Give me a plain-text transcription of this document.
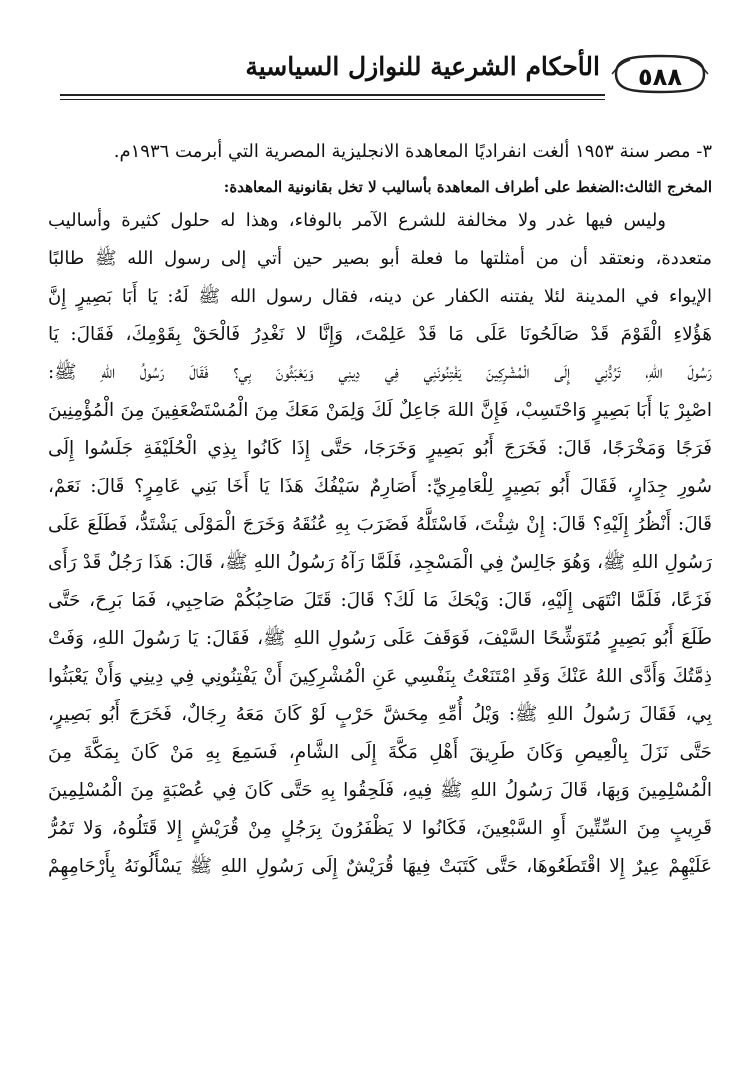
٥٨٨
الأحكام الشرعية للنوازل السياسية
٣- مصر سنة ١٩٥٣ ألغت انفراديًا المعاهدة الانجليزية المصرية التي أبرمت ١٩٣٦م.
المخرج الثالث:الضغط على أطراف المعاهدة بأساليب لا تخل بقانونية المعاهدة:
وليس فيها غدر ولا مخالفة للشرع الآمر بالوفاء، وهذا له حلول كثيرة وأساليب
متعددة، ونعتقد أن من أمثلتها ما فعلة أبو بصير حين أتي إلى رسول الله ﷺ طالبًا
الإيواء في المدينة لئلا يفتنه الكفار عن دينه، فقال رسول الله ﷺ لَهُ: يَا أَبَا بَصِيرٍ إِنَّ
هَؤُلاءِ الْقَوْمَ قَدْ صَالَحُونَا عَلَى مَا قَدْ عَلِمْتَ، وَإِنَّا لا نَغْدِرُ فَالْحَقْ بِقَوْمِكَ، فَقَالَ: يَا
رَسُولَ اللهِ، تَرُدُّنِي إِلَى الْمُشْرِكِينَ يَفْتِنُونَنِي فِي دِينِي وَيَعْبَثُونَ بِي؟ فَقَالَ رَسُولُ اللهِ ﷺ:
اصْبِرْ يَا أَبَا بَصِيرٍ وَاحْتَسِبْ، فَإِنَّ اللهَ جَاعِلٌ لَكَ وَلِمَنْ مَعَكَ مِنَ الْمُسْتَضْعَفِينَ مِنَ الْمُؤْمِنِينَ
فَرَجًا وَمَخْرَجًا، قَالَ: فَخَرَجَ أَبُو بَصِيرٍ وَخَرَجَا، حَتَّى إِذَا كَانُوا بِذِي الْحُلَيْفَةِ جَلَسُوا إِلَى
سُورِ جِدَارٍ، فَقَالَ أَبُو بَصِيرٍ لِلْعَامِرِيِّ: أَصَارِمٌ سَيْفُكَ هَذَا يَا أَخَا بَنِي عَامِرٍ؟ قَالَ: نَعَمْ،
قَالَ: أَنْظُرُ إِلَيْهِ؟ قَالَ: إِنْ شِئْتَ، فَاسْتَلَّهُ فَضَرَبَ بِهِ عُنُقَهُ وَخَرَجَ الْمَوْلَى يَشْتَدُّ، فَطَلَعَ عَلَى
رَسُولِ اللهِ ﷺ، وَهُوَ جَالِسٌ فِي الْمَسْجِدِ، فَلَمَّا رَآهُ رَسُولُ اللهِ ﷺ، قَالَ: هَذَا رَجُلٌ قَدْ رَأَى
فَزَعًا، فَلَمَّا انْتَهَى إِلَيْهِ، قَالَ: وَيْحَكَ مَا لَكَ؟ قَالَ: قَتَلَ صَاحِبُكُمْ صَاحِبِي، فَمَا بَرِحَ، حَتَّى
طَلَعَ أَبُو بَصِيرٍ مُتَوَشِّحًا السَّيْفَ، فَوَقَفَ عَلَى رَسُولِ اللهِ ﷺ، فَقَالَ: يَا رَسُولَ اللهِ، وَفَتْ
ذِمَّتُكَ وَأَدَّى اللهُ عَنْكَ وَقَدِ امْتَنَعْتُ بِنَفْسِي عَنِ الْمُشْرِكِينَ أَنْ يَفْتِنُونِي فِي دِينِي وَأَنْ يَعْبَثُوا
بِي، فَقَالَ رَسُولُ اللهِ ﷺ: وَيْلُ أُمِّهِ مِحَشَّ حَرْبٍ لَوْ كَانَ مَعَهُ رِجَالٌ، فَخَرَجَ أَبُو بَصِيرٍ،
حَتَّى نَزَلَ بِالْعِيصِ وَكَانَ طَرِيقَ أَهْلِ مَكَّةَ إِلَى الشَّامِ، فَسَمِعَ بِهِ مَنْ كَانَ بِمَكَّةَ مِنَ
الْمُسْلِمِينَ وَبِهَا، قَالَ رَسُولُ اللهِ ﷺ فِيهِ، فَلَحِقُوا بِهِ حَتَّى كَانَ فِي عُصْبَةٍ مِنَ الْمُسْلِمِينَ
قَرِيبٍ مِنَ السِّتِّينَ أَوِ السَّبْعِينَ، فَكَانُوا لا يَظْفَرُونَ بِرَجُلٍ مِنْ قُرَيْشٍ إِلا قَتَلُوهُ، وَلا تَمُرُّ
عَلَيْهِمْ عِيرٌ إِلا اقْتَطَعُوهَا، حَتَّى كَتَبَتْ فِيهَا قُرَيْشٌ إِلَى رَسُولِ اللهِ ﷺ يَسْأَلُونَهُ بِأَرْحَامِهِمْ
